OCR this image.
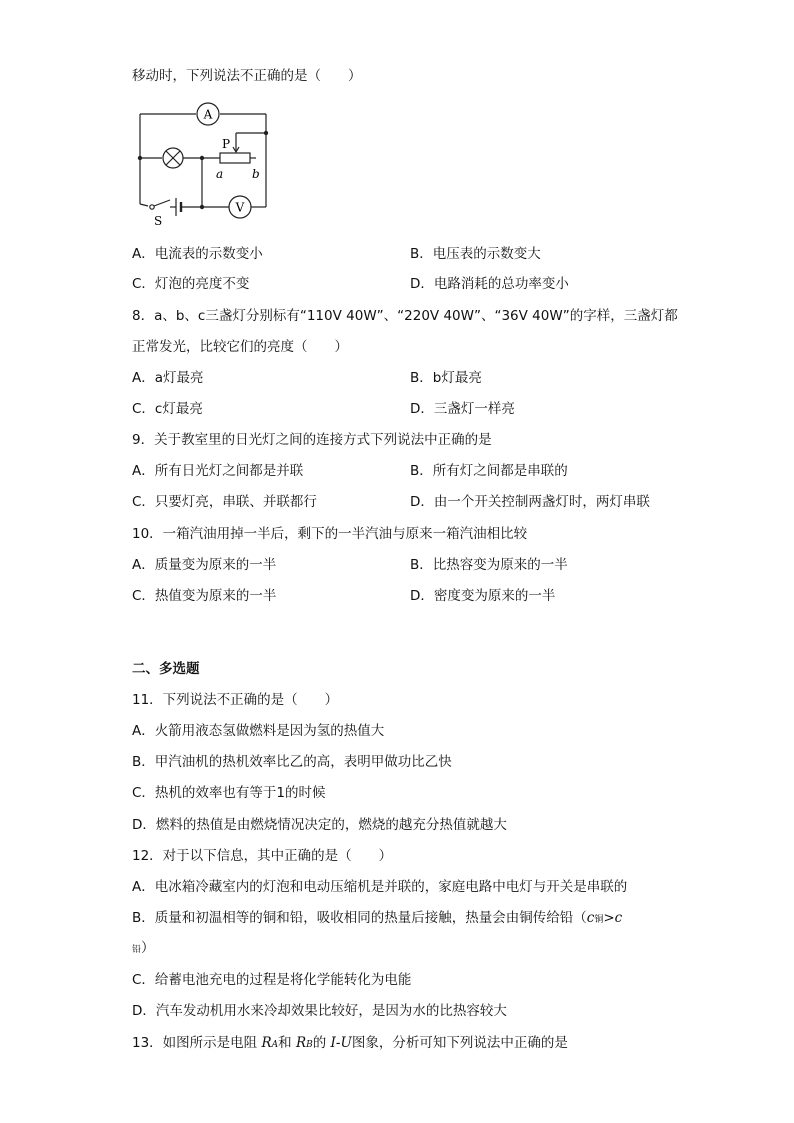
移动时，下列说法不正确的是（　　）
A
V
P
a b
S
A．电流表的示数变小	B．电压表的示数变大
C．灯泡的亮度不变	D．电路消耗的总功率变小
8．a、b、c三盏灯分别标有“110V 40W”、“220V 40W”、“36V 40W”的字样，三盏灯都
正常发光，比较它们的亮度（　　）
A．a灯最亮	B．b灯最亮
C．c灯最亮	D．三盏灯一样亮
9．关于教室里的日光灯之间的连接方式下列说法中正确的是
A．所有日光灯之间都是并联	B．所有灯之间都是串联的
C．只要灯亮，串联、并联都行	D．由一个开关控制两盏灯时，两灯串联
10．一箱汽油用掉一半后，剩下的一半汽油与原来一箱汽油相比较
A．质量变为原来的一半	B．比热容变为原来的一半
C．热值变为原来的一半	D．密度变为原来的一半
二、多选题
11．下列说法不正确的是（　　）
A．火箭用液态氢做燃料是因为氢的热值大
B．甲汽油机的热机效率比乙的高，表明甲做功比乙快
C．热机的效率也有等于1的时候
D．燃料的热值是由燃烧情况决定的，燃烧的越充分热值就越大
12．对于以下信息，其中正确的是（　　）
A．电冰箱冷藏室内的灯泡和电动压缩机是并联的，家庭电路中电灯与开关是串联的
B．质量和初温相等的铜和铅，吸收相同的热量后接触，热量会由铜传给铅（c铜>c
铅）
C．给蓄电池充电的过程是将化学能转化为电能
D．汽车发动机用水来冷却效果比较好，是因为水的比热容较大
13．如图所示是电阻 RA和 RB的 I-U图象，分析可知下列说法中正确的是
